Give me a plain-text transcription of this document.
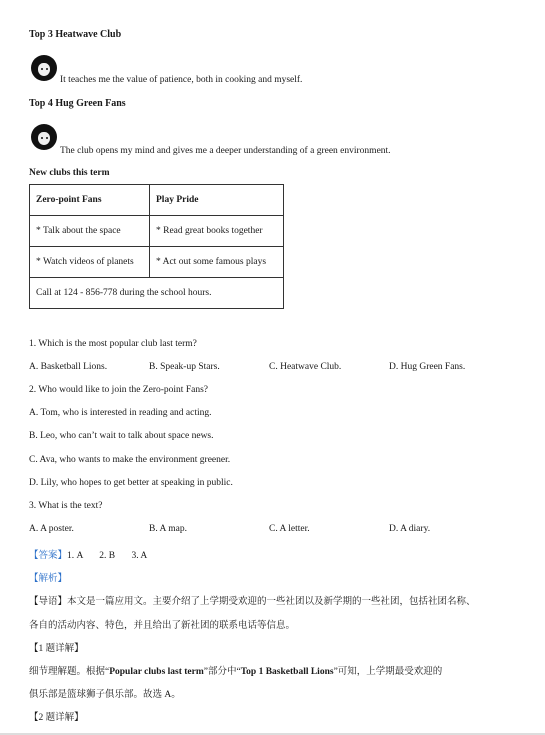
Top 3 Heatwave Club
It teaches me the value of patience, both in cooking and myself.
Top 4 Hug Green Fans
The club opens my mind and gives me a deeper understanding of a green environment.
New clubs this term
Zero-point Fans	Play Pride
* Talk about the space	* Read great books together
* Watch videos of planets	* Act out some famous plays
Call at 124 - 856-778 during the school hours.	
1. Which is the most popular club last term?
A. Basketball Lions.	B. Speak-up Stars.	C. Heatwave Club.	D. Hug Green Fans.
2. Who would like to join the Zero-point Fans?
A. Tom, who is interested in reading and acting.
B. Leo, who can’t wait to talk about space news.
C. Ava, who wants to make the environment greener.
D. Lily, who hopes to get better at speaking in public.
3. What is the text?
A. A poster.	B. A map.	C. A letter.	D. A diary.
【答案】1. A 2. B 3. A
【解析】
【导语】本文是一篇应用文。主要介绍了上学期受欢迎的一些社团以及新学期的一些社团，包括社团名称、
各自的活动内容、特色，并且给出了新社团的联系电话等信息。
【1 题详解】
细节理解题。根据“Popular clubs last term”部分中“Top 1 Basketball Lions”可知，上学期最受欢迎的
俱乐部是篮球狮子俱乐部。故选 A。
【2 题详解】
